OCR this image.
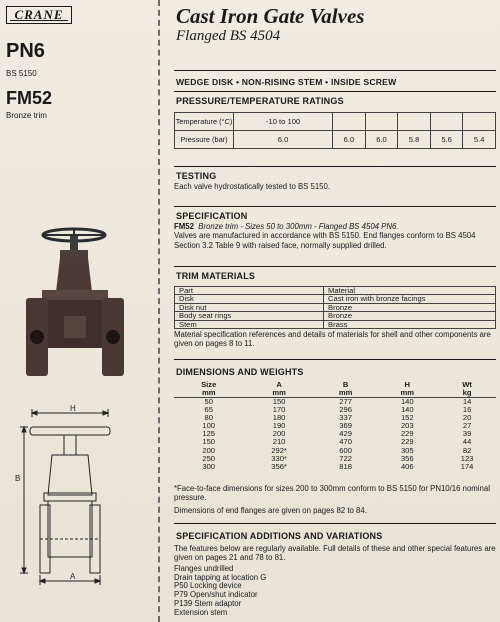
CRANE
PN6
BS 5150
FM52
Bronze trim
H
B
A
Cast Iron Gate Valves
Flanged BS 4504
WEDGE DISK • NON-RISING STEM • INSIDE SCREW
PRESSURE/TEMPERATURE RATINGS
Temperature (°C)	-10 to 100					
Pressure (bar)	6.0	6.0	6.0	5.8	5.6	5.4
TESTING
Each valve hydrostatically tested to BS 5150.
SPECIFICATION
FM52 Bronze trim - Sizes 50 to 300mm - Flanged BS 4504 PN6.
Valves are manufactured in accordance with BS 5150. End flanges conform to BS 4504 Section 3.2 Table 9 with raised face, normally supplied drilled.
TRIM MATERIALS
Part	Material
Disk	Cast iron with bronze facings
Disk nut	Bronze
Body seat rings	Bronze
Stem	Brass
Material specification references and details of materials for shell and other components are given on pages 8 to 11.
DIMENSIONS AND WEIGHTS
Size	A	B	H	Wt
mm	mm	mm	mm	kg
50	150	277	140	14
65	170	296	140	16
80	180	337	152	20
100	190	369	203	27
125	200	429	229	39
150	210	470	229	44
200	292*	600	305	82
250	330*	722	356	123
300	356*	818	406	174
*Face-to-face dimensions for sizes 200 to 300mm conform to BS 5150 for PN10/16 nominal pressure.
Dimensions of end flanges are given on pages 82 to 84.
SPECIFICATION ADDITIONS AND VARIATIONS
The features below are regularly available. Full details of these and other special features are given on pages 21 and 78 to 81.
Flanges undrilled
Drain tapping at location G
P50 Locking device
P79 Open/shut indicator
P139 Stem adaptor
Extension stem
